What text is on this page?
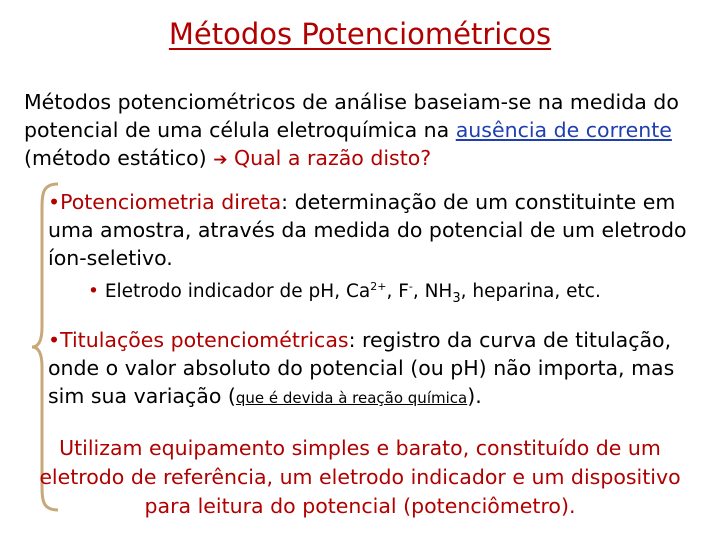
Métodos Potenciométricos
Métodos potenciométricos de análise baseiam-se na medida do potencial de uma célula eletroquímica na ausência de corrente (método estático) ➔ Qual a razão disto?
•Potenciometria direta: determinação de um constituinte em uma amostra, através da medida do potencial de um eletrodo íon-seletivo.
• Eletrodo indicador de pH, $Ca^{2+}$, F-, $NH_3$, heparina, etc.
•Titulações potenciométricas: registro da curva de titulação, onde o valor absoluto do potencial (ou pH) não importa, mas sim sua variação (que é devida à reação química).
Utilizam equipamento simples e barato, constituído de um eletrodo de referência, um eletrodo indicador e um dispositivo para leitura do potencial (potenciômetro).
